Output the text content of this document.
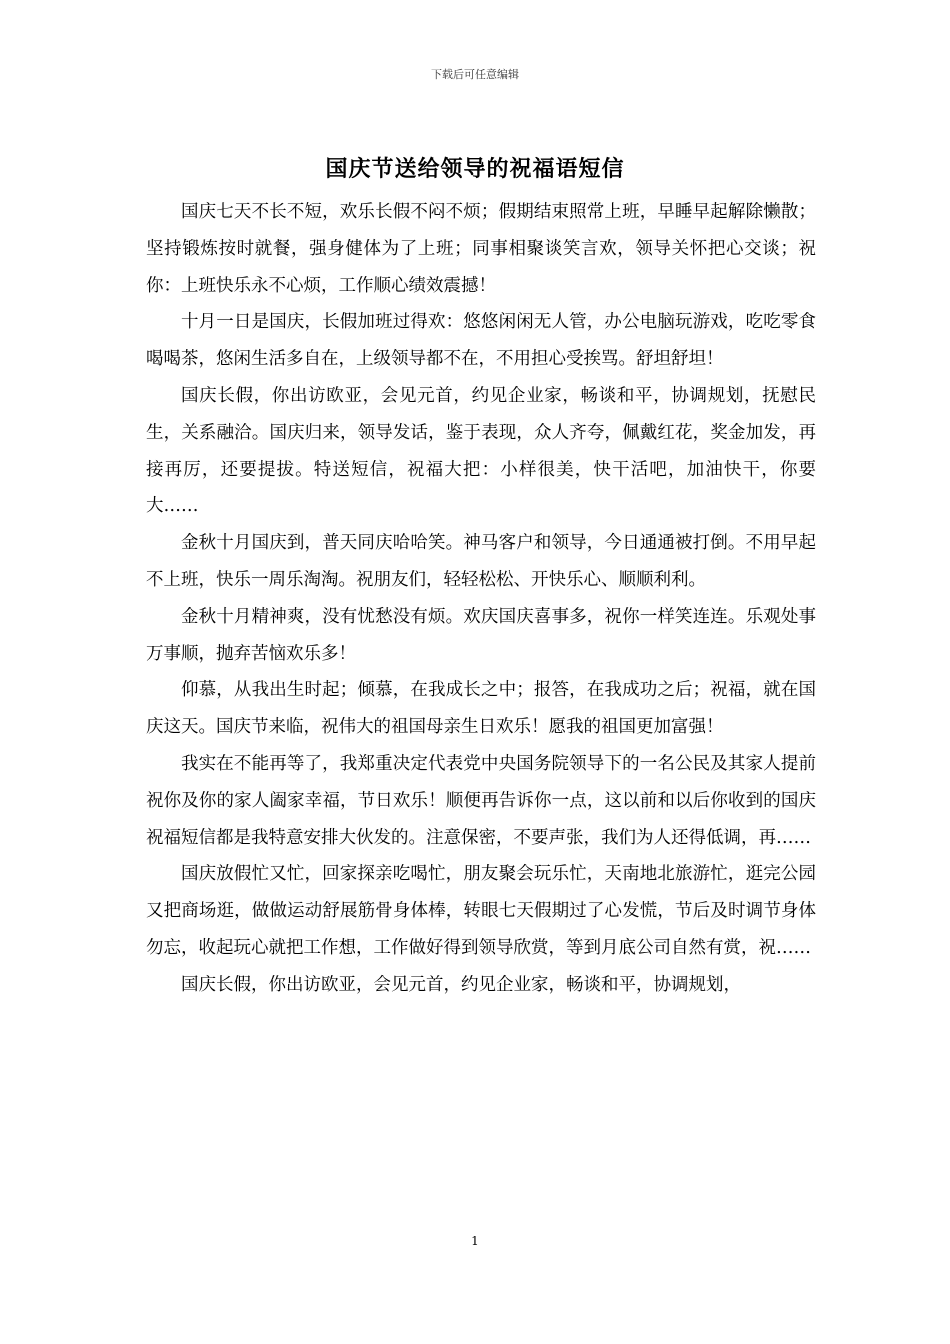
下载后可任意编辑
国庆节送给领导的祝福语短信

国庆七天不长不短，欢乐长假不闷不烦；假期结束照常上班，早睡早起解除懒散；坚持锻炼按时就餐，强身健体为了上班；同事相聚谈笑言欢，领导关怀把心交谈；祝你：上班快乐永不心烦，工作顺心绩效震撼！

十月一日是国庆，长假加班过得欢：悠悠闲闲无人管，办公电脑玩游戏，吃吃零食喝喝茶，悠闲生活多自在，上级领导都不在，不用担心受挨骂。舒坦舒坦！

国庆长假，你出访欧亚，会见元首，约见企业家，畅谈和平，协调规划，抚慰民生，关系融洽。国庆归来，领导发话，鉴于表现，众人齐夸，佩戴红花，奖金加发，再接再厉，还要提拔。特送短信，祝福大把：小样很美，快干活吧，加油快干，你要大……

金秋十月国庆到，普天同庆哈哈笑。神马客户和领导，今日通通被打倒。不用早起不上班，快乐一周乐淘淘。祝朋友们，轻轻松松、开快乐心、顺顺利利。

金秋十月精神爽，没有忧愁没有烦。欢庆国庆喜事多，祝你一样笑连连。乐观处事万事顺，抛弃苦恼欢乐多！

仰慕，从我出生时起；倾慕，在我成长之中；报答，在我成功之后；祝福，就在国庆这天。国庆节来临，祝伟大的祖国母亲生日欢乐！愿我的祖国更加富强！

我实在不能再等了，我郑重决定代表党中央国务院领导下的一名公民及其家人提前祝你及你的家人阖家幸福，节日欢乐！顺便再告诉你一点，这以前和以后你收到的国庆祝福短信都是我特意安排大伙发的。注意保密，不要声张，我们为人还得低调，再……

国庆放假忙又忙，回家探亲吃喝忙，朋友聚会玩乐忙，天南地北旅游忙，逛完公园又把商场逛，做做运动舒展筋骨身体棒，转眼七天假期过了心发慌，节后及时调节身体勿忘，收起玩心就把工作想，工作做好得到领导欣赏，等到月底公司自然有赏，祝……

国庆长假，你出访欧亚，会见元首，约见企业家，畅谈和平，协调规划，

1
